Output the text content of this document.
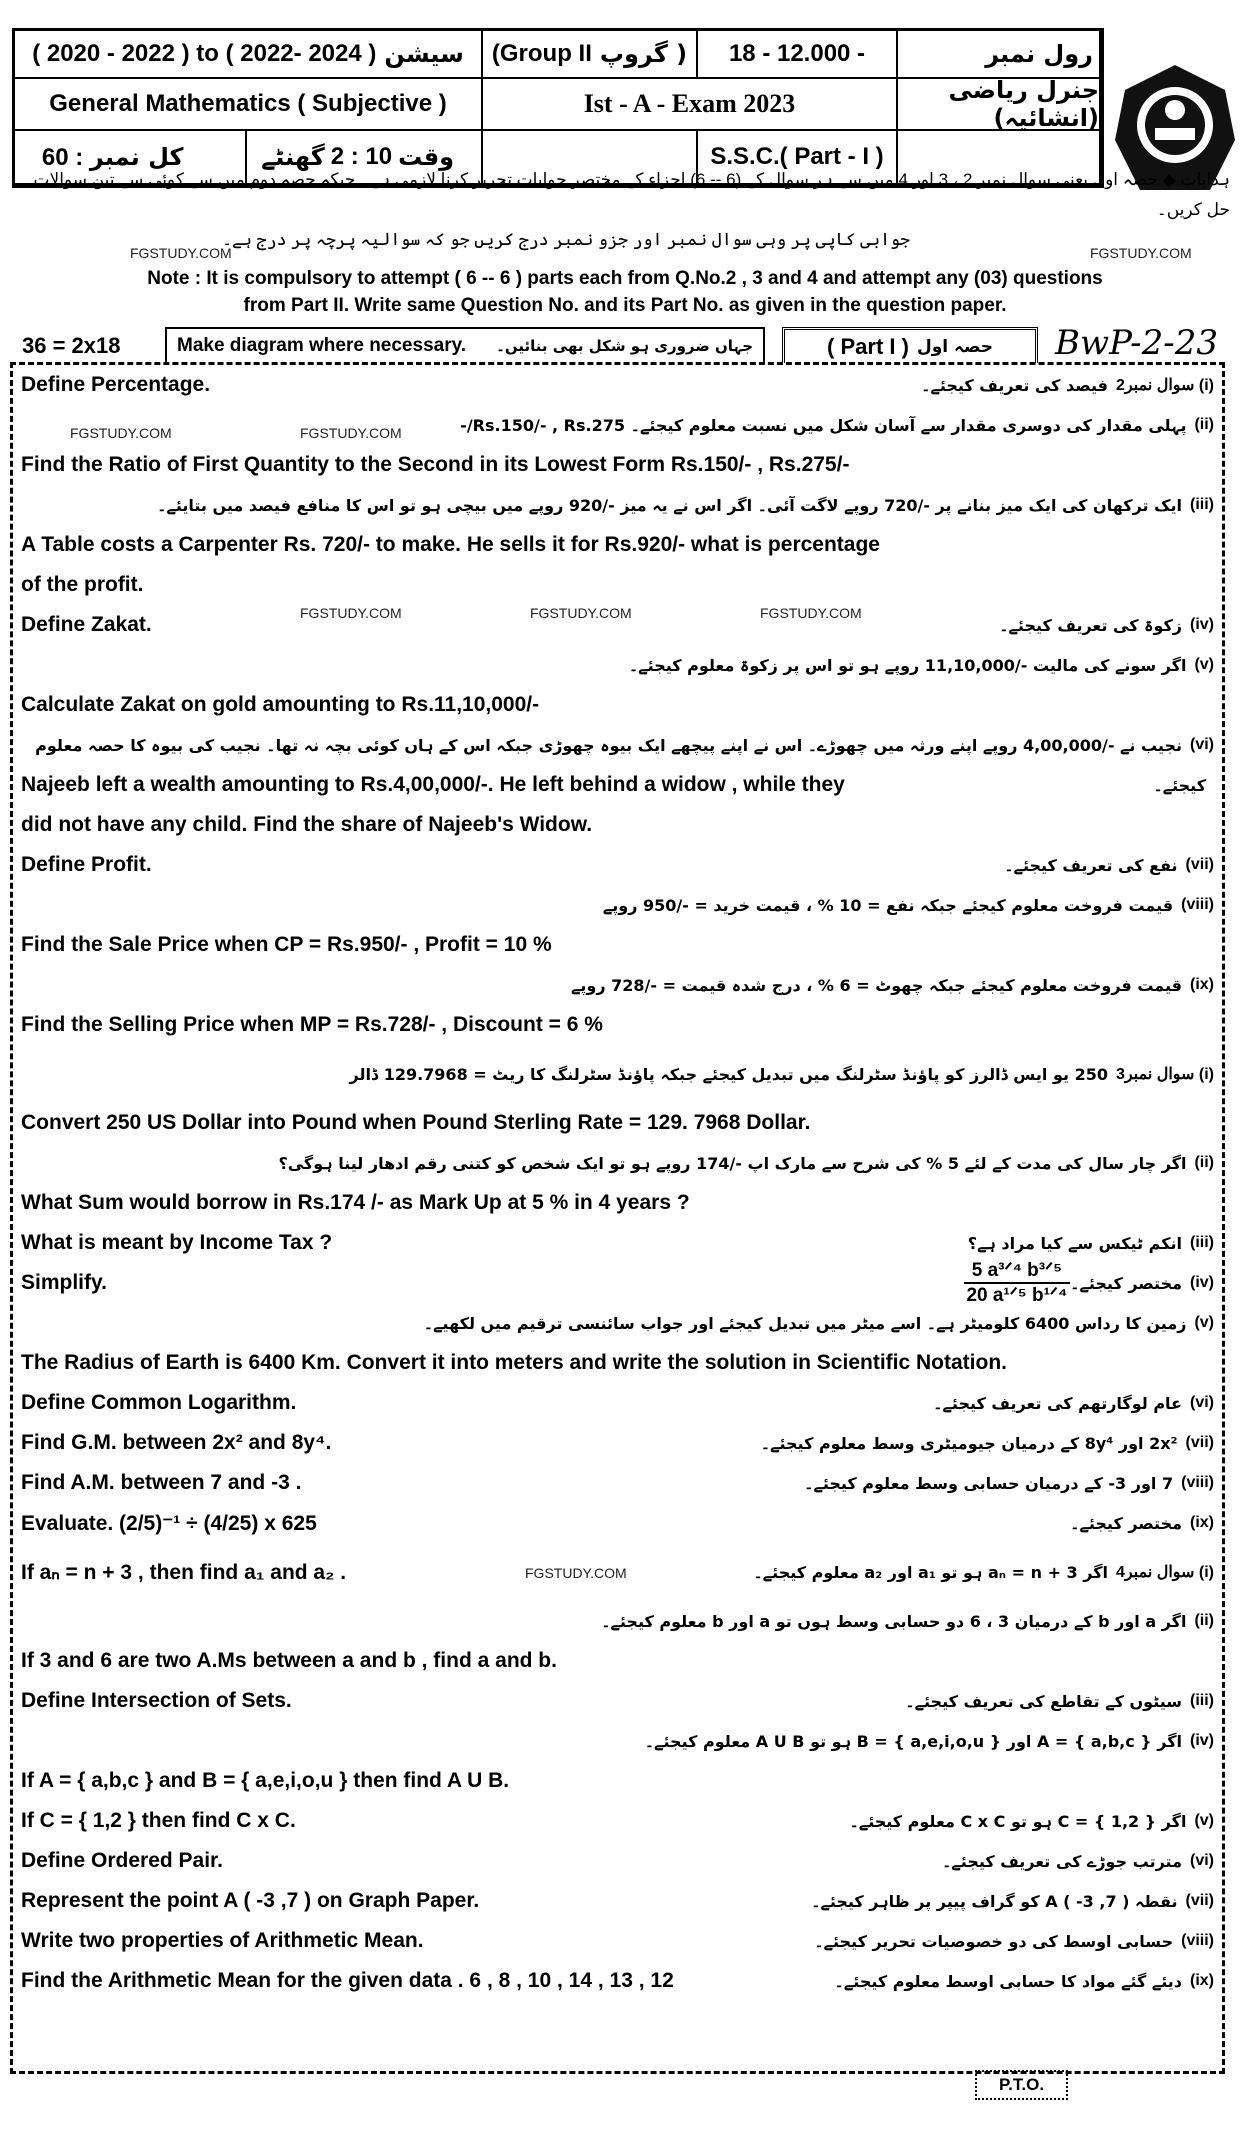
( 2020 - 2022 ) to ( 2022- 2024 ) سیشن (Group II ( گروپ 18 - 12.000 -	رول نمبر
General Mathematics ( Subjective )	Ist - A - Exam 2023	جنرل ریاضی (انشائیہ)
60 : کل نمبر	گھنٹے 2 : 10 وقت	S.S.C.( Part - I )
ہدایات ◆ حصہ اول یعنی سوال نمبر 2 ، 3 اور 4 میں سے ہر سوال کے (6 -- 6) اجزاء کے مختصر جوابات تحریر کرنا لازمی ہے۔ جبکہ حصہ دوم میں سے کوئی سے تین سوالات حل کریں۔
جوابی کاپی پر وہی سوال نمبر اور جزو نمبر درج کریں جو کہ سوالیہ پرچہ پر درج ہے۔
Note : It is compulsory to attempt ( 6 -- 6 ) parts each from Q.No.2 , 3 and 4 and attempt any (03) questions
from Part II. Write same Question No. and its Part No. as given in the question paper.
36 = 2x18	Make diagram where necessary. جہاں ضروری ہو شکل بھی بنائیں۔	( Part I ) حصہ اول BwP-2-23
Define Percentage.	فیصد کی تعریف کیجئے۔ سوال نمبر2 (i)
پہلی مقدار کی دوسری مقدار سے آسان شکل میں نسبت معلوم کیجئے۔ Rs.150/- , Rs.275/- (ii)
Find the Ratio of First Quantity to the Second in its Lowest Form Rs.150/- , Rs.275/-
ایک ترکھان کی ایک میز بنانے پر -/720 روپے لاگت آئی۔ اگر اس نے یہ میز -/920 روپے میں بیچی ہو تو اس کا منافع فیصد میں بتایئے۔ (iii)
A Table costs a Carpenter Rs. 720/- to make. He sells it for Rs.920/- what is percentage
of the profit.
Define Zakat.	زکوۃ کی تعریف کیجئے۔ (iv)
اگر سونے کی مالیت -/11,10,000 روپے ہو تو اس پر زکوۃ معلوم کیجئے۔ (v)
Calculate Zakat on gold amounting to Rs.11,10,000/-
نجیب نے -/4,00,000 روپے اپنے ورثہ میں چھوڑے۔ اس نے اپنے پیچھے ایک بیوہ چھوڑی جبکہ اس کے ہاں کوئی بچہ نہ تھا۔ نجیب کی بیوہ کا حصہ معلوم (vi)
Najeeb left a wealth amounting to Rs.4,00,000/-. He left behind a widow , while they	کیجئے۔
did not have any child. Find the share of Najeeb's Widow.
Define Profit.	نفع کی تعریف کیجئے۔ (vii)
قیمت فروخت معلوم کیجئے جبکہ نفع = 10 % ، قیمت خرید = -/950 روپے (viii)
Find the Sale Price when CP = Rs.950/- , Profit = 10 %
قیمت فروخت معلوم کیجئے جبکہ چھوٹ = 6 % ، درج شدہ قیمت = -/728 روپے (ix)
Find the Selling Price when MP = Rs.728/- , Discount = 6 %
250 یو ایس ڈالرز کو پاؤنڈ سٹرلنگ میں تبدیل کیجئے جبکہ پاؤنڈ سٹرلنگ کا ریٹ = 129.7968 ڈالر سوال نمبر3 (i)
Convert 250 US Dollar into Pound when Pound Sterling Rate = 129. 7968 Dollar.
اگر چار سال کی مدت کے لئے 5 % کی شرح سے مارک اپ -/174 روپے ہو تو ایک شخص کو کتنی رقم ادھار لینا ہوگی؟ (ii)
What Sum would borrow in Rs.174 /- as Mark Up at 5 % in 4 years ?
What is meant by Income Tax ?	انکم ٹیکس سے کیا مراد ہے؟ (iii)
Simplify.	$\frac{\text{5 a³ᐟ⁴ b³ᐟ⁵}}{\text{20 a¹ᐟ⁵ b¹ᐟ⁴}}$ مختصر کیجئے۔ (iv)
زمین کا رداس 6400 کلومیٹر ہے۔ اسے میٹر میں تبدیل کیجئے اور جواب سائنسی ترقیم میں لکھیے۔ (v)
The Radius of Earth is 6400 Km. Convert it into meters and write the solution in Scientific Notation.
Define Common Logarithm.	عام لوگارتھم کی تعریف کیجئے۔ (vi)
Find G.M. between 2x² and 8y⁴.	2x² اور 8y⁴ کے درمیان جیومیٹری وسط معلوم کیجئے۔ (vii)
Find A.M. between 7 and -3 .	7 اور 3- کے درمیان حسابی وسط معلوم کیجئے۔ (viii)
Evaluate. (2/5)⁻¹ ÷ (4/25) x 625	مختصر کیجئے۔ (ix)
If aₙ = n + 3 , then find a₁ and a₂ .	اگر aₙ = n + 3 ہو تو a₁ اور a₂ معلوم کیجئے۔ سوال نمبر4 (i)
اگر a اور b کے درمیان 3 ، 6 دو حسابی وسط ہوں تو a اور b معلوم کیجئے۔ (ii)
If 3 and 6 are two A.Ms between a and b , find a and b.
Define Intersection of Sets.	سیٹوں کے تقاطع کی تعریف کیجئے۔ (iii)
اگر A = { a,b,c } اور B = { a,e,i,o,u } ہو تو A U B معلوم کیجئے۔ (iv)
If A = { a,b,c } and B = { a,e,i,o,u } then find A U B.
If C = { 1,2 } then find C x C.	اگر C = { 1,2 } ہو تو C x C معلوم کیجئے۔ (v)
Define Ordered Pair.	مترتب جوڑے کی تعریف کیجئے۔ (vi)
Represent the point A ( -3 ,7 ) on Graph Paper.	نقطہ A ( -3 ,7 ) کو گراف پیپر پر ظاہر کیجئے۔ (vii)
Write two properties of Arithmetic Mean.	حسابی اوسط کی دو خصوصیات تحریر کیجئے۔ (viii)
Find the Arithmetic Mean for the given data . 6 , 8 , 10 , 14 , 13 , 12	دیئے گئے مواد کا حسابی اوسط معلوم کیجئے۔ (ix)
P.T.O.
FGSTUDY.COM	FGSTUDY.COM
FGSTUDY.COM	FGSTUDY.COM
FGSTUDY.COM	FGSTUDY.COM	FGSTUDY.COM
FGSTUDY.COM
